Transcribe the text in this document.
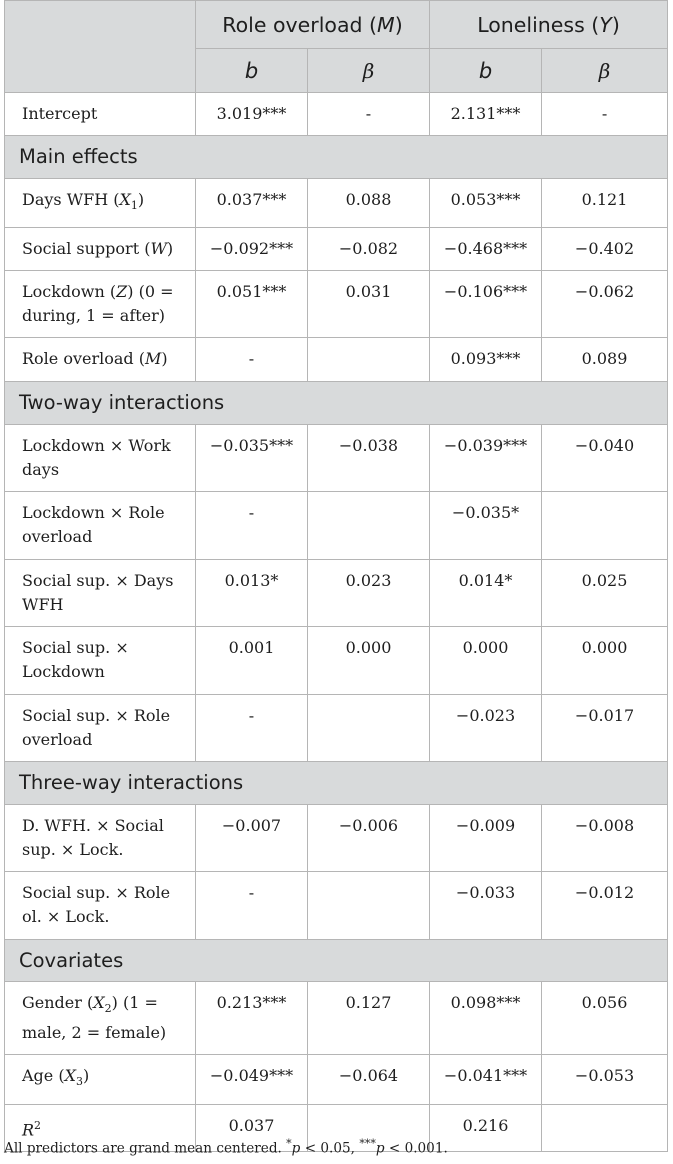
	Role overload (M)		Loneliness (Y)	
	b	β	b	β
Intercept	3.019***	-	2.131***	-
Main effects				
Days WFH $(X_1)$	0.037***	0.088	0.053***	0.121
Social support (W)	−0.092***	−0.082	−0.468***	−0.402
Lockdown (Z) (0 =
during, 1 = after)	0.051***	0.031	−0.106***	−0.062
Role overload (M)	-		0.093***	0.089
Two-way interactions				
Lockdown × Work
days	−0.035***	−0.038	−0.039***	−0.040
Lockdown × Role
overload	-		−0.035*	
Social sup. × Days
WFH	0.013*	0.023	0.014*	0.025
Social sup. ×
Lockdown	0.001	0.000	0.000	0.000
Social sup. × Role
overload	-		−0.023	−0.017
Three-way interactions				
D. WFH. × Social
sup. × Lock.	−0.007	−0.006	−0.009	−0.008
Social sup. × Role
ol. × Lock.	-		−0.033	−0.012
Covariates				
Gender $(X_2) (1$ =
male, 2 = female)	0.213***	0.127	0.098***	0.056
Age $(X_3)$	−0.049***	−0.064	−0.041***	−0.053
$R^2$	0.037		0.216	
All predictors are grand mean centered. *p < 0.05, ***p < 0.001.
